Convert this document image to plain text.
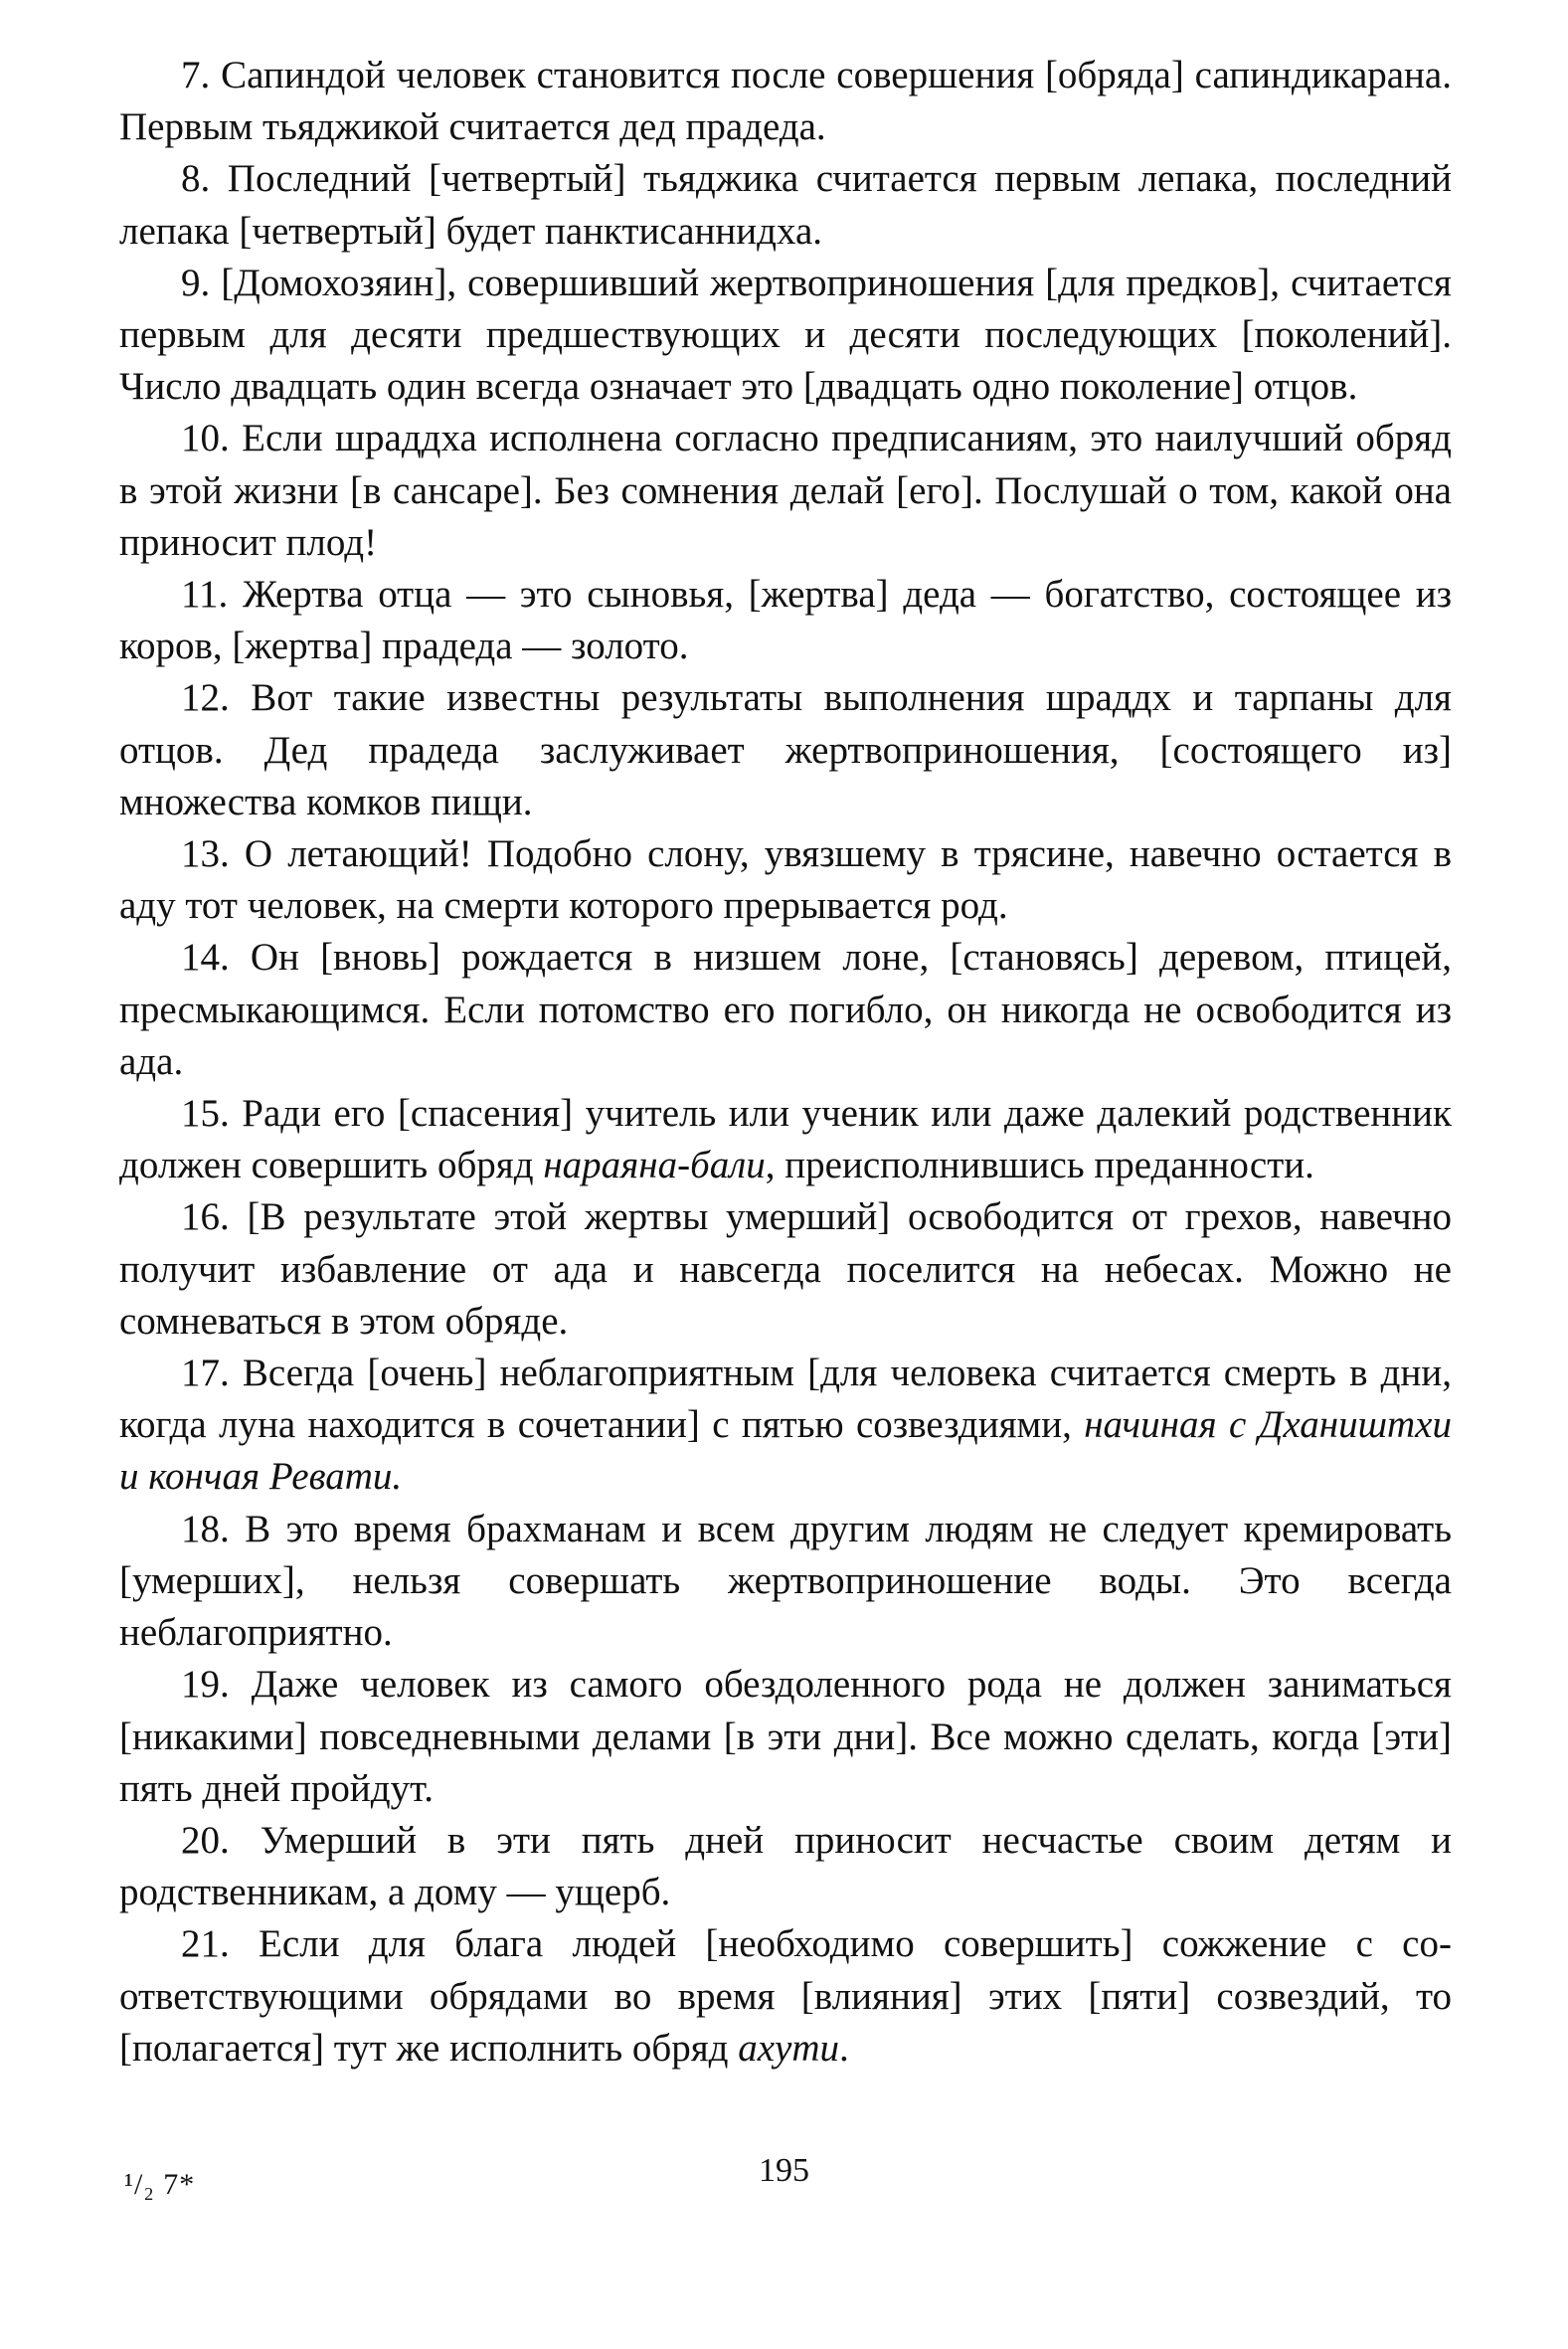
7. Сапиндой человек становится после совершения [обряда] сапиндикарана. Первым тьяджикой считается дед прадеда.

8. Последний [четвертый] тьяджика считается первым лепака, последний лепака [четвертый] будет панктисаннидха.

9. [Домохозяин], совершивший жертвоприношения [для предков], считается первым для десяти предшествующих и десяти последующих [поколений]. Число двадцать один всегда означает это [двадцать одно поколение] отцов.

10. Если шраддха исполнена согласно предписаниям, это наилучший обряд в этой жизни [в сансаре]. Без сомнения делай [его]. Послушай о том, какой она приносит плод!

11. Жертва отца — это сыновья, [жертва] деда — богатство, состоящее из коров, [жертва] прадеда — золото.

12. Вот такие известны результаты выполнения шраддх и тарпаны для отцов. Дед прадеда заслуживает жертвоприношения, [состоящего из] множества комков пищи.

13. О летающий! Подобно слону, увязшему в трясине, навечно остается в аду тот человек, на смерти которого прерывается род.

14. Он [вновь] рождается в низшем лоне, [становясь] деревом, птицей, пресмыкающимся. Если потомство его погибло, он никогда не освободится из ада.

15. Ради его [спасения] учитель или ученик или даже далекий родственник должен совершить обряд нараяна-бали, преисполнившись преданности.

16. [В результате этой жертвы умерший] освободится от грехов, навечно получит избавление от ада и навсегда поселится на небесах. Можно не сомневаться в этом обряде.

17. Всегда [очень] неблагоприятным [для человека считается смерть в дни, когда луна находится в сочетании] с пятью созвездиями, начиная с Дхаништхи и кончая Ревати.

18. В это время брахманам и всем другим людям не следует кремировать [умерших], нельзя совершать жертвоприношение воды. Это всегда неблагоприятно.

19. Даже человек из самого обездоленного рода не должен заниматься [никакими] повседневными делами [в эти дни]. Все можно сделать, когда [эти] пять дней пройдут.

20. Умерший в эти пять дней приносит несчастье своим детям и родственникам, а дому — ущерб.

21. Если для блага людей [необходимо совершить] сожжение с соответствующими обрядами во время [влияния] этих [пяти] созвездий, то [полагается] тут же исполнить обряд ахути.

¹/₂ 7*	195
